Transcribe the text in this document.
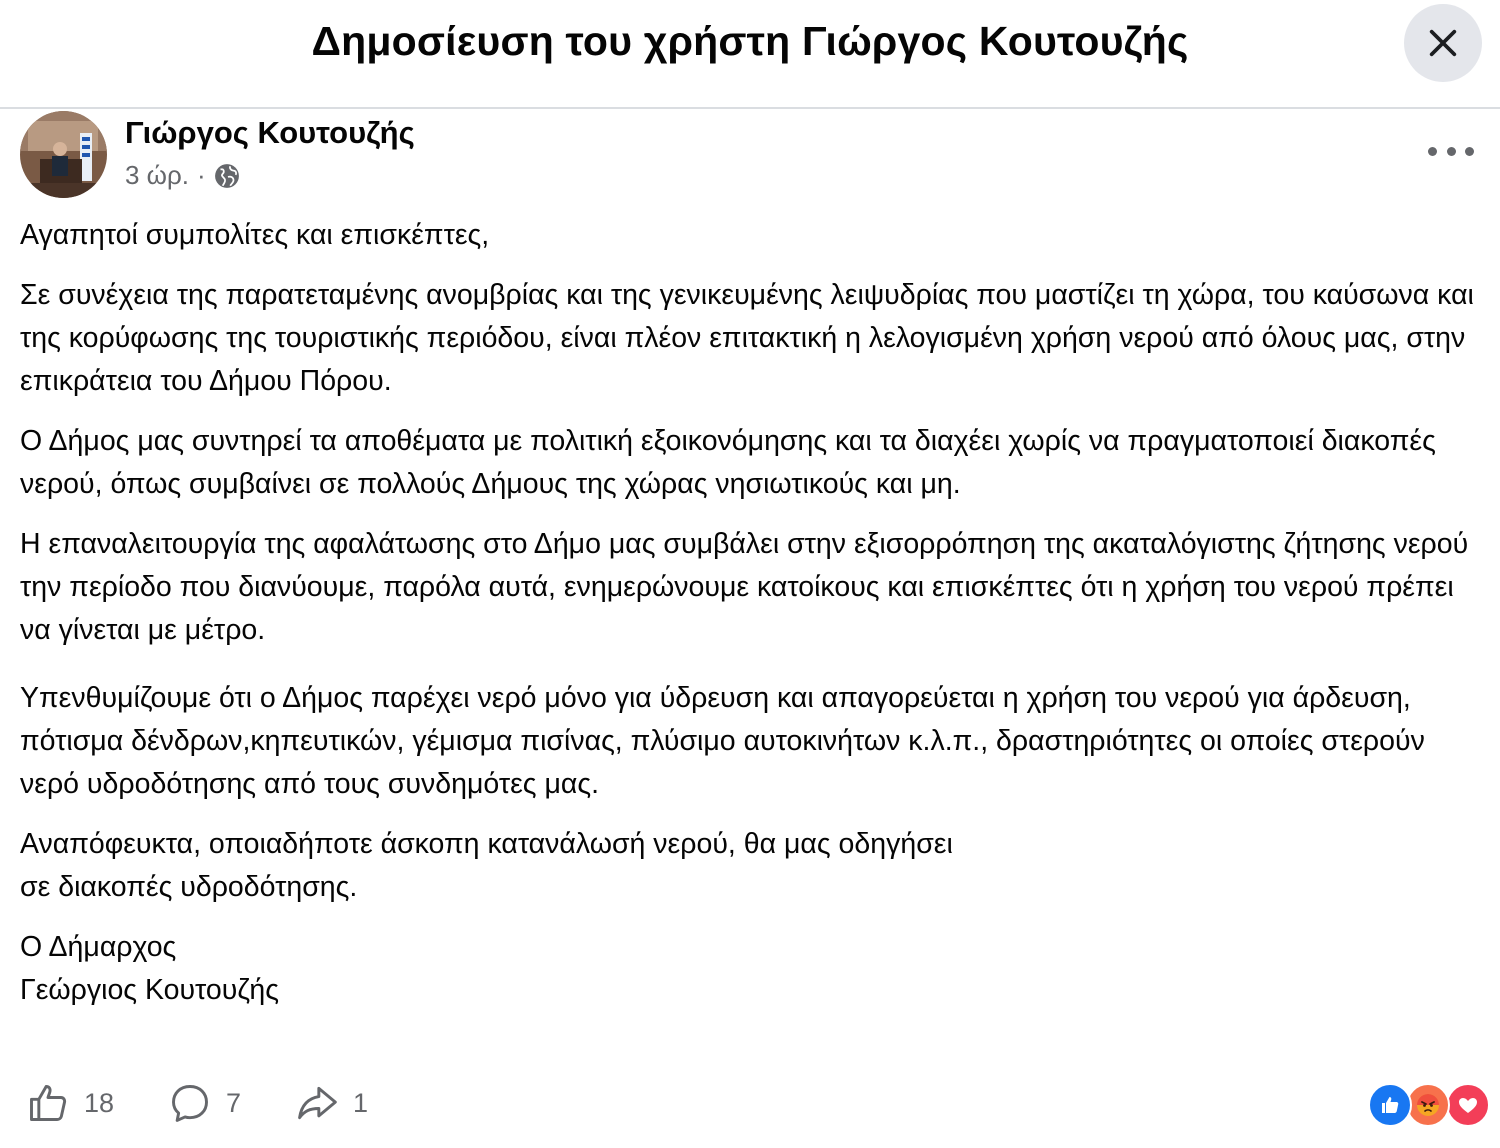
Δημοσίευση του χρήστη Γιώργος Κουτουζής
Γιώργος Κουτουζής
3 ώρ. ·

Αγαπητοί συμπολίτες και επισκέπτες,

Σε συνέχεια της παρατεταμένης ανομβρίας και της γενικευμένης λειψυδρίας που μαστίζει τη χώρα, του καύσωνα και της κορύφωσης της τουριστικής περιόδου, είναι πλέον επιτακτική η λελογισμένη χρήση νερού από όλους μας, στην επικράτεια του Δήμου Πόρου.

Ο Δήμος μας συντηρεί τα αποθέματα με πολιτική εξοικονόμησης και τα διαχέει χωρίς να πραγματοποιεί διακοπές νερού, όπως συμβαίνει σε πολλούς Δήμους της χώρας νησιωτικούς και μη.

Η επαναλειτουργία της αφαλάτωσης στο Δήμο μας συμβάλει στην εξισορρόπηση της ακαταλόγιστης ζήτησης νερού την περίοδο που διανύουμε, παρόλα αυτά, ενημερώνουμε κατοίκους και επισκέπτες ότι η χρήση του νερού πρέπει να γίνεται με μέτρο.

Υπενθυμίζουμε ότι ο Δήμος παρέχει νερό μόνο για ύδρευση και απαγορεύεται η χρήση του νερού για άρδευση, πότισμα δένδρων,κηπευτικών, γέμισμα πισίνας, πλύσιμο αυτοκινήτων κ.λ.π., δραστηριότητες οι οποίες στερούν νερό υδροδότησης από τους συνδημότες μας.

Αναπόφευκτα, οποιαδήποτε άσκοπη κατανάλωσή νερού, θα μας οδηγήσει

σε διακοπές υδροδότησης.

Ο Δήμαρχος

Γεώργιος Κουτουζής

18	7	1
